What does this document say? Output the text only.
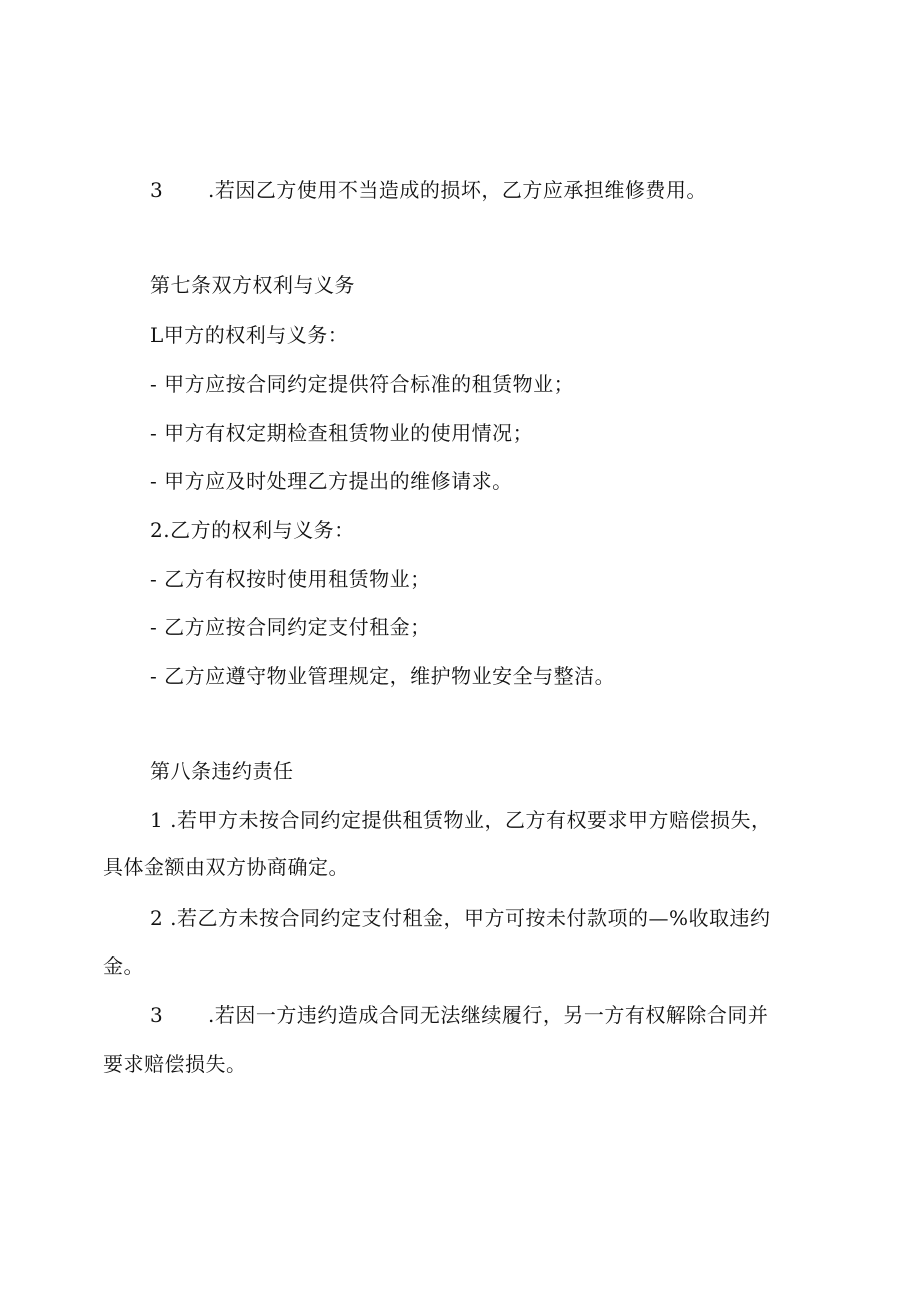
3 .若因乙方使用不当造成的损坏，乙方应承担维修费用。
第七条双方权利与义务
L甲方的权利与义务：
- 甲方应按合同约定提供符合标准的租赁物业；
- 甲方有权定期检查租赁物业的使用情况；
- 甲方应及时处理乙方提出的维修请求。
2.乙方的权利与义务：
- 乙方有权按时使用租赁物业；
- 乙方应按合同约定支付租金；
- 乙方应遵守物业管理规定，维护物业安全与整洁。
第八条违约责任
1 .若甲方未按合同约定提供租赁物业，乙方有权要求甲方赔偿损失，
具体金额由双方协商确定。
2 .若乙方未按合同约定支付租金，甲方可按未付款项的—%收取违约
金。
3 .若因一方违约造成合同无法继续履行，另一方有权解除合同并
要求赔偿损失。
